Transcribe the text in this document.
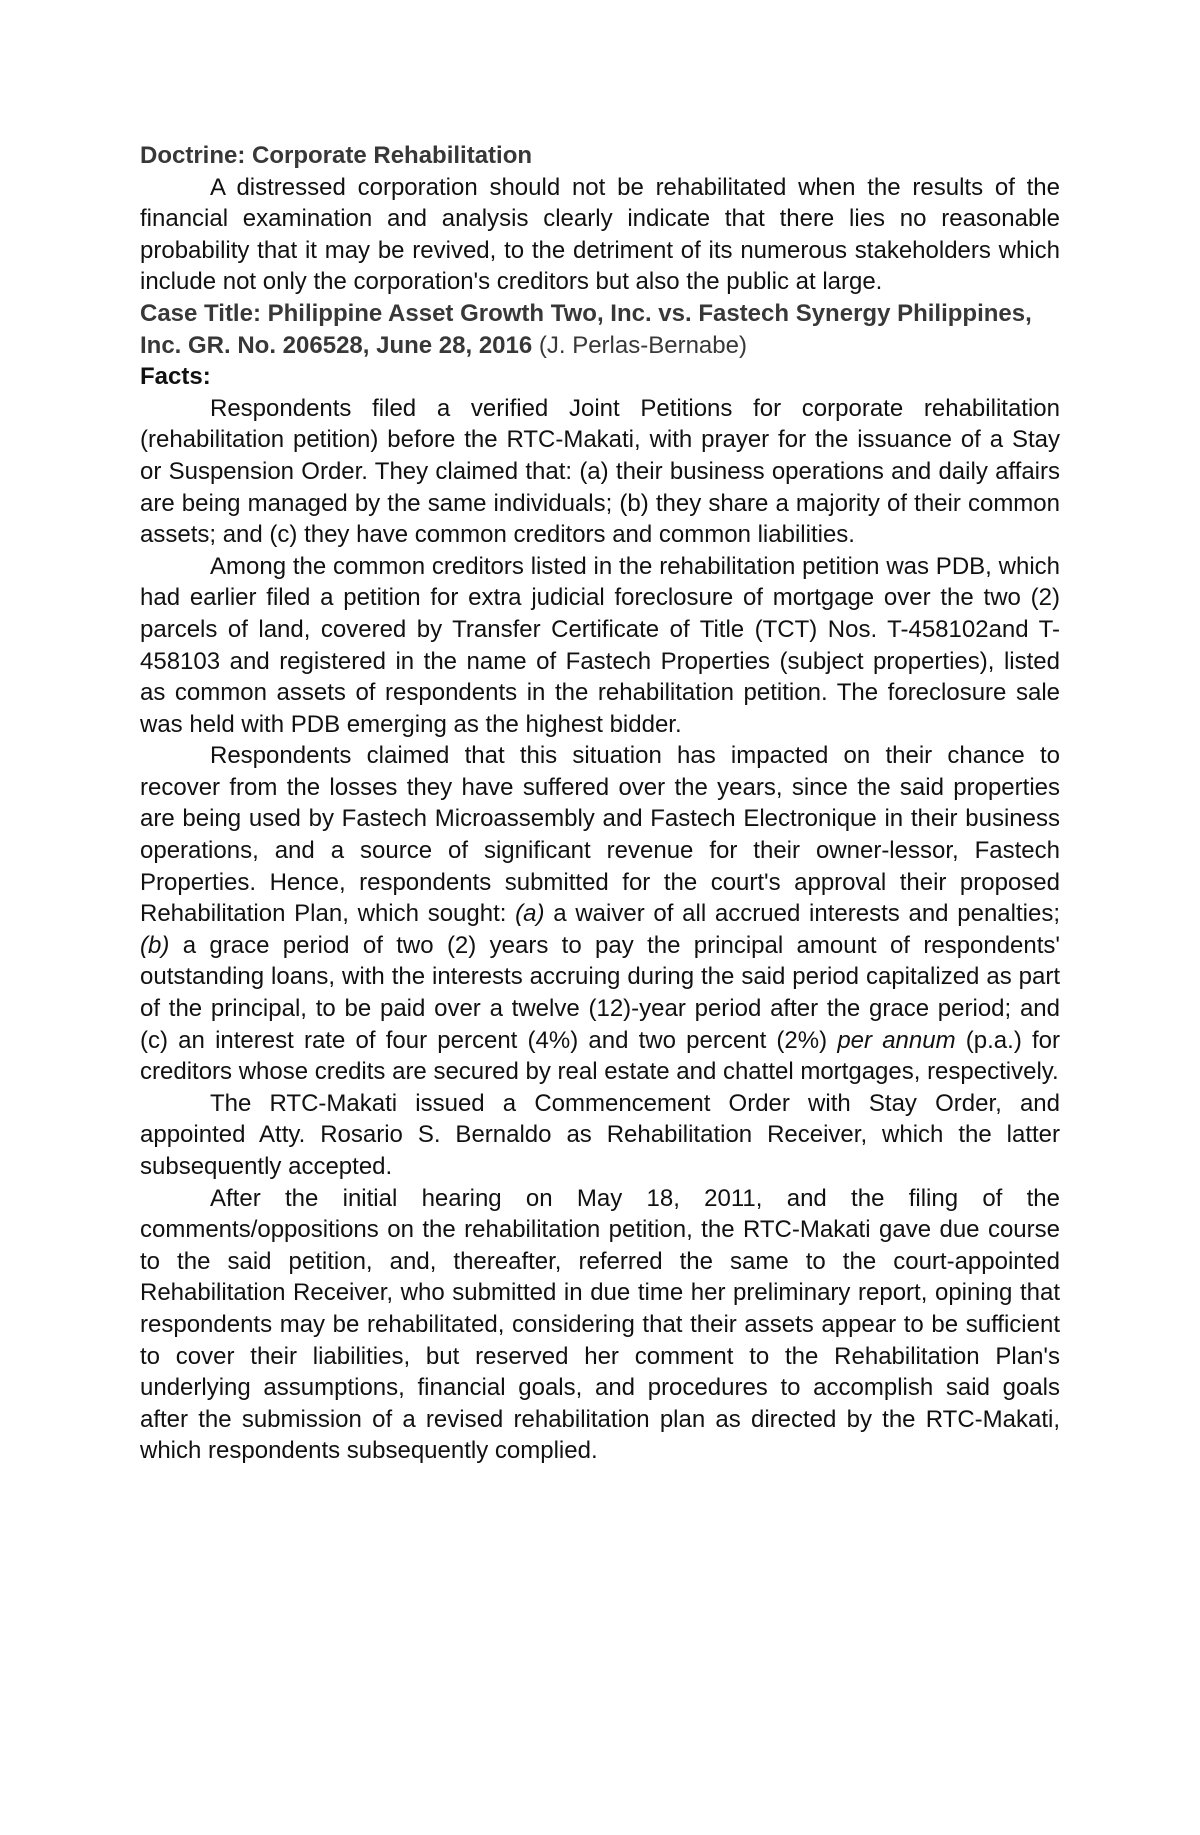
Doctrine: Corporate Rehabilitation

A distressed corporation should not be rehabilitated when the results of the financial examination and analysis clearly indicate that there lies no reasonable probability that it may be revived, to the detriment of its numerous stakeholders which include not only the corporation's creditors but also the public at large.

Case Title: Philippine Asset Growth Two, Inc. vs. Fastech Synergy Philippines, Inc. GR. No. 206528, June 28, 2016 (J. Perlas-Bernabe)
Facts:

Respondents filed a verified Joint Petitions for corporate rehabilitation (rehabilitation petition) before the RTC-Makati, with prayer for the issuance of a Stay or Suspension Order. They claimed that: (a) their business operations and daily affairs are being managed by the same individuals; (b) they share a majority of their common assets; and (c) they have common creditors and common liabilities.

Among the common creditors listed in the rehabilitation petition was PDB, which had earlier filed a petition for extra judicial foreclosure of mortgage over the two (2) parcels of land, covered by Transfer Certificate of Title (TCT) Nos. T-458102and T-458103 and registered in the name of Fastech Properties (subject properties), listed as common assets of respondents in the rehabilitation petition. The foreclosure sale was held with PDB emerging as the highest bidder.

Respondents claimed that this situation has impacted on their chance to recover from the losses they have suffered over the years, since the said properties are being used by Fastech Microassembly and Fastech Electronique in their business operations, and a source of significant revenue for their owner-lessor, Fastech Properties. Hence, respondents submitted for the court's approval their proposed Rehabilitation Plan, which sought: (a) a waiver of all accrued interests and penalties; (b) a grace period of two (2) years to pay the principal amount of respondents' outstanding loans, with the interests accruing during the said period capitalized as part of the principal, to be paid over a twelve (12)-year period after the grace period; and (c) an interest rate of four percent (4%) and two percent (2%) per annum (p.a.) for creditors whose credits are secured by real estate and chattel mortgages, respectively.

The RTC-Makati issued a Commencement Order with Stay Order, and appointed Atty. Rosario S. Bernaldo as Rehabilitation Receiver, which the latter subsequently accepted.

After the initial hearing on May 18, 2011, and the filing of the comments/oppositions on the rehabilitation petition, the RTC-Makati gave due course to the said petition, and, thereafter, referred the same to the court-appointed Rehabilitation Receiver, who submitted in due time her preliminary report, opining that respondents may be rehabilitated, considering that their assets appear to be sufficient to cover their liabilities, but reserved her comment to the Rehabilitation Plan's underlying assumptions, financial goals, and procedures to accomplish said goals after the submission of a revised rehabilitation plan as directed by the RTC-Makati, which respondents subsequently complied.
